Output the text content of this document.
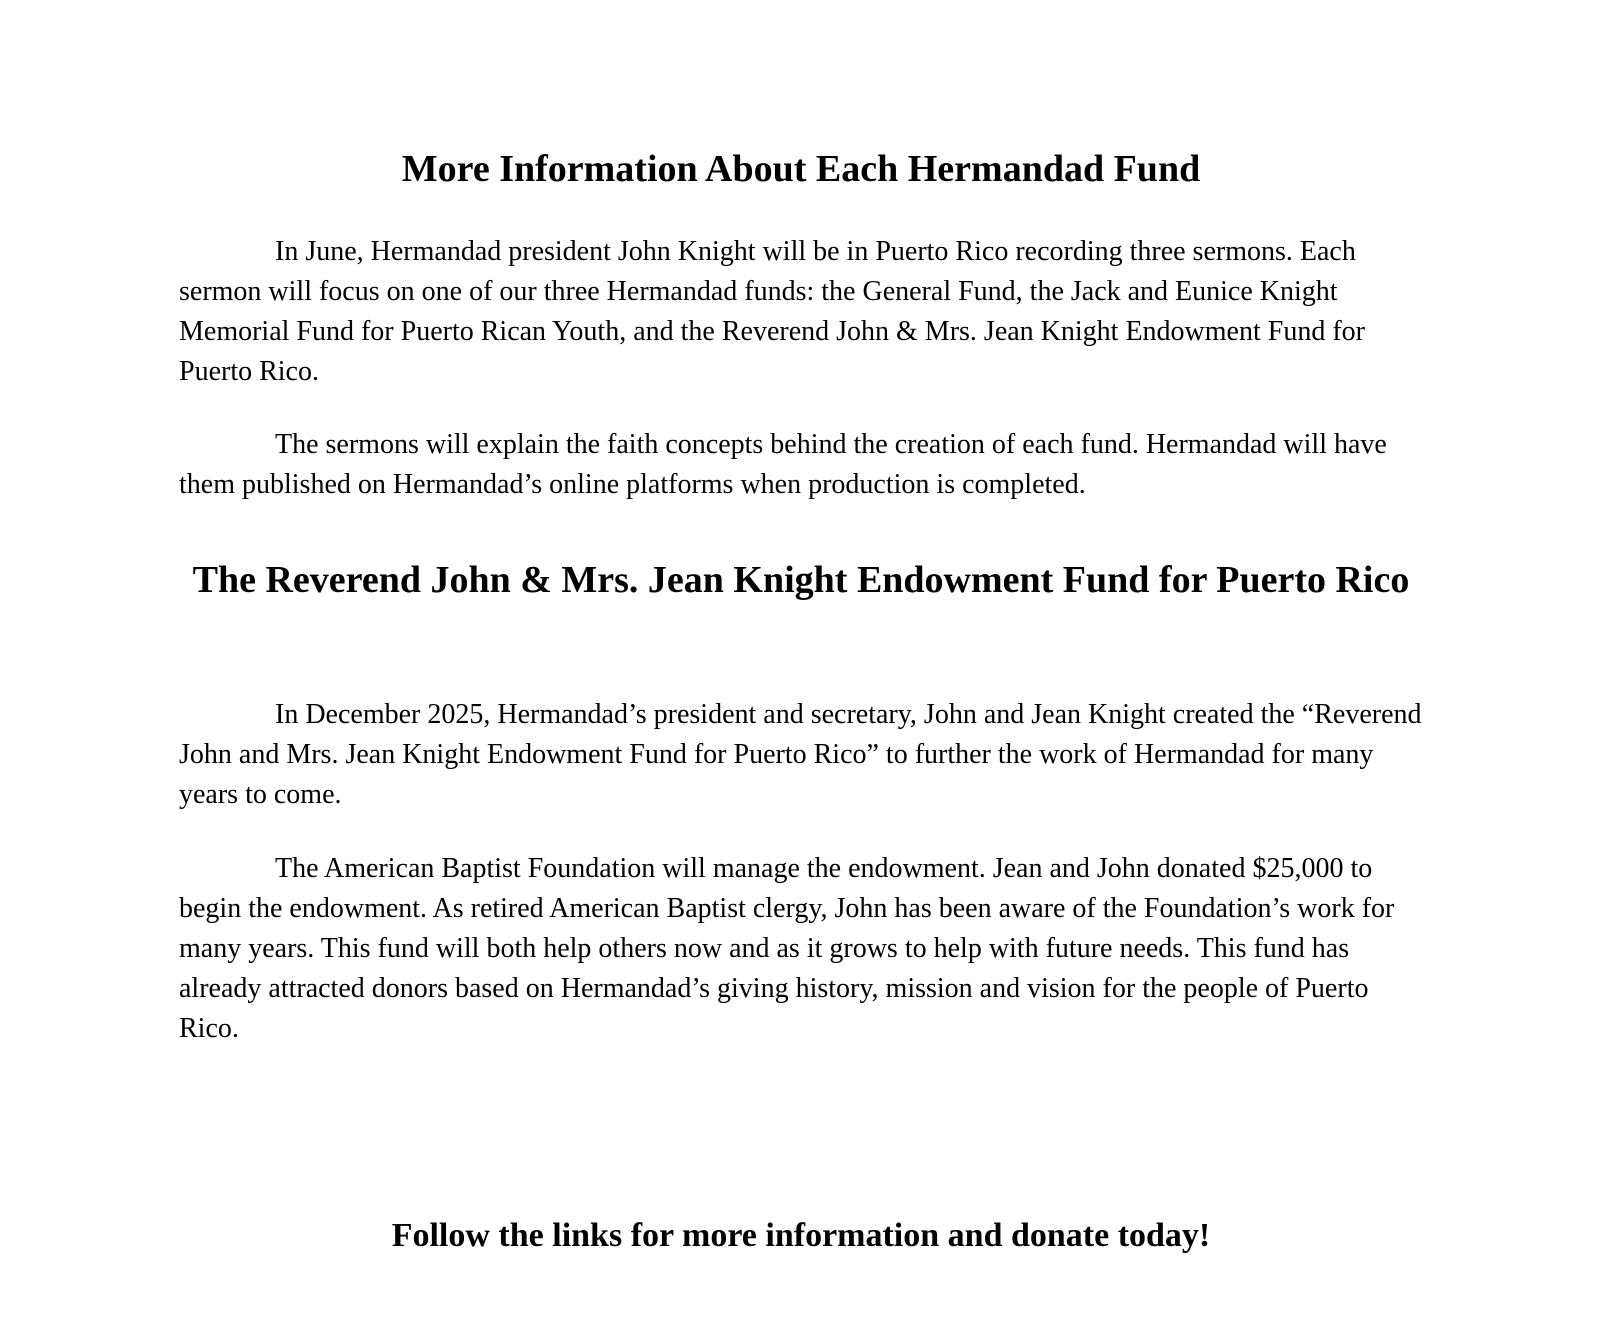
More Information About Each Hermandad Fund

In June, Hermandad president John Knight will be in Puerto Rico recording three sermons. Each sermon will focus on one of our three Hermandad funds: the General Fund, the Jack and Eunice Knight Memorial Fund for Puerto Rican Youth, and the Reverend John & Mrs. Jean Knight Endowment Fund for Puerto Rico.

The sermons will explain the faith concepts behind the creation of each fund. Hermandad will have them published on Hermandad’s online platforms when production is completed.

The Reverend John & Mrs. Jean Knight Endowment Fund for Puerto Rico

In December 2025, Hermandad’s president and secretary, John and Jean Knight created the “Reverend John and Mrs. Jean Knight Endowment Fund for Puerto Rico” to further the work of Hermandad for many years to come.

The American Baptist Foundation will manage the endowment. Jean and John donated $25,000 to begin the endowment. As retired American Baptist clergy, John has been aware of the Foundation’s work for many years. This fund will both help others now and as it grows to help with future needs. This fund has already attracted donors based on Hermandad’s giving history, mission and vision for the people of Puerto Rico.

Follow the links for more information and donate today!
